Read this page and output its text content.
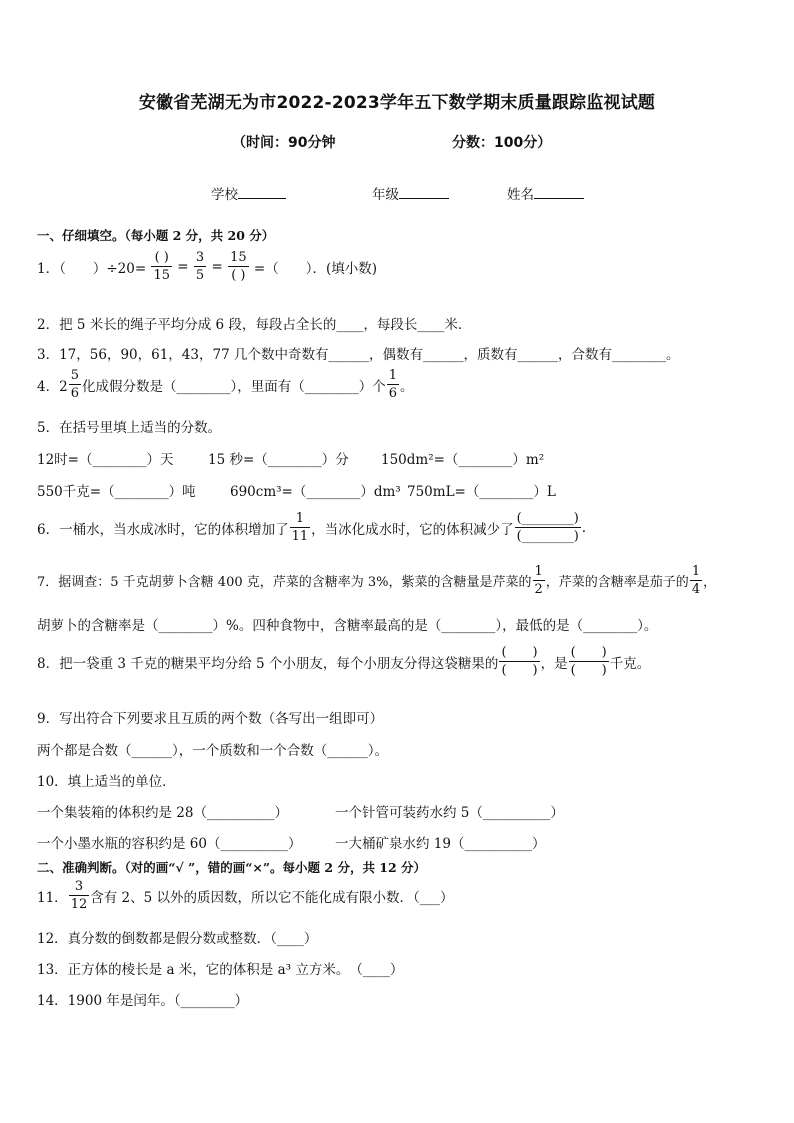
安徽省芜湖无为市2022-2023学年五下数学期末质量跟踪监视试题
（时间：90分钟	分数：100分）
学校	年级	姓名
一、仔细填空。（每小题 2 分，共 20 分）
1．（　　）$\div 20= \frac{( )}{15} = \frac{3}{5} = \frac{15}{( )}$ =（　　）．(填小数)
2．把 5 米长的绳子平均分成 6 段，每段占全长的____，每段长____米．
3．17，56，90，61，43，77 几个数中奇数有______，偶数有______，质数有______，合数有________。
4．$2 \frac{5}{6}$ 化成假分数是（________），里面有（________）个 $\frac{1}{6}$ 。
5．在括号里填上适当的分数。
12时=（________）天	15 秒=（________）分 150dm²=（________）m²
550千克=（________）吨	690cm³=（________）dm³ 750mL=（________）L
6．一桶水，当水成冰时，它的体积增加了 $\frac{1}{11}$ ，当冰化成水时，它的体积减少了 $\frac{(\_\_\_\_\_\_\_\_)}{(\_\_\_\_\_\_\_\_)}$ .
7．据调查：5 千克胡萝卜含糖 400 克，芹菜的含糖率为 3%，紫菜的含糖量是芹菜的 $\frac{1}{2}$ ，芹菜的含糖率是茄子的 $\frac{1}{4}$ ，
胡萝卜的含糖率是（________）%。四种食物中，含糖率最高的是（________），最低的是（________）。
8．把一袋重 3 千克的糖果平均分给 5 个小朋友，每个小朋友分得这袋糖果的 $\frac{( )}{( )}$ ，是 $\frac{( )}{( )}$ 千克。
9．写出符合下列要求且互质的两个数（各写出一组即可）
两个都是合数（______），一个质数和一个合数（______）。
10．填上适当的单位．
一个集装箱的体积约是 28（__________）	一个针管可装药水约 5（__________）
一个小墨水瓶的容积约是 60（__________） 一大桶矿泉水约 19（__________）
二、准确判断。（对的画“√ ”，错的画“×”。每小题 2 分，共 12 分）
11． $\frac{3}{12}$ 含有 2、5 以外的质因数，所以它不能化成有限小数．（___）
12．真分数的倒数都是假分数或整数．（____）
13．正方体的棱长是 a 米，它的体积是 a³ 立方米。　（____）
14．1900 年是闰年。（________）
